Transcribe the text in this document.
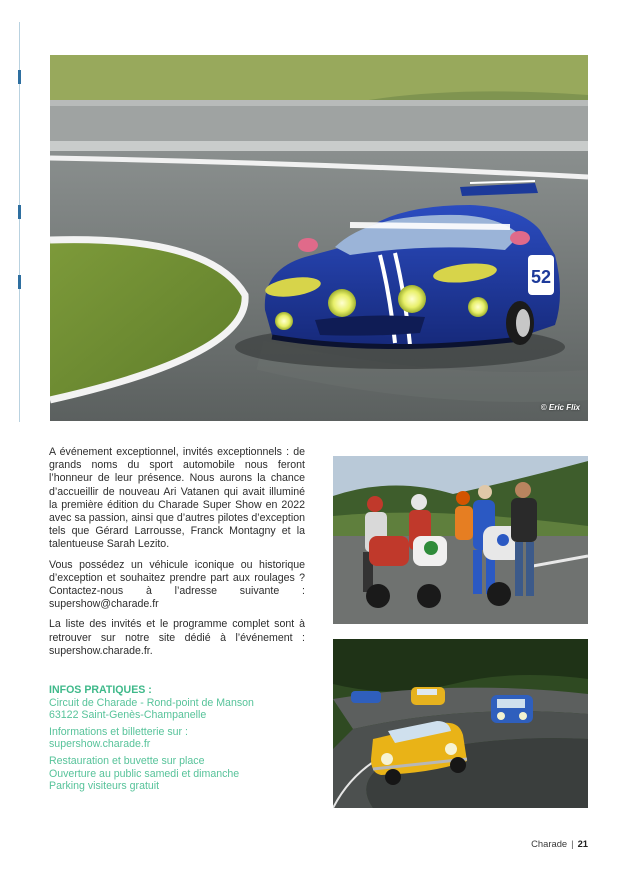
52
© Eric Flix

A événement exceptionnel, invités exceptionnels : de grands noms du sport automobile nous feront l’honneur de leur présence. Nous aurons la chance d’accueillir de nouveau Ari Vatanen qui avait illuminé la première édition du Charade Super Show en 2022 avec sa passion, ainsi que d’autres pilotes d’exception tels que Gérard Larrousse, Franck Montagny et la talentueuse Sarah Lezito.

Vous possédez un véhicule iconique ou historique d’exception et souhaitez prendre part aux roulages ? Contactez-nous à l’adresse suivante : supershow@charade.fr

La liste des invités et le programme complet sont à retrouver sur notre site dédié à l’événement : supershow.charade.fr.

INFOS PRATIQUES :
Circuit de Charade - Rond-point de Manson
63122 Saint-Genès-Champanelle
Informations et billetterie sur :
supershow.charade.fr
Restauration et buvette sur place
Ouverture au public samedi et dimanche
Parking visiteurs gratuit
Charade | 21
